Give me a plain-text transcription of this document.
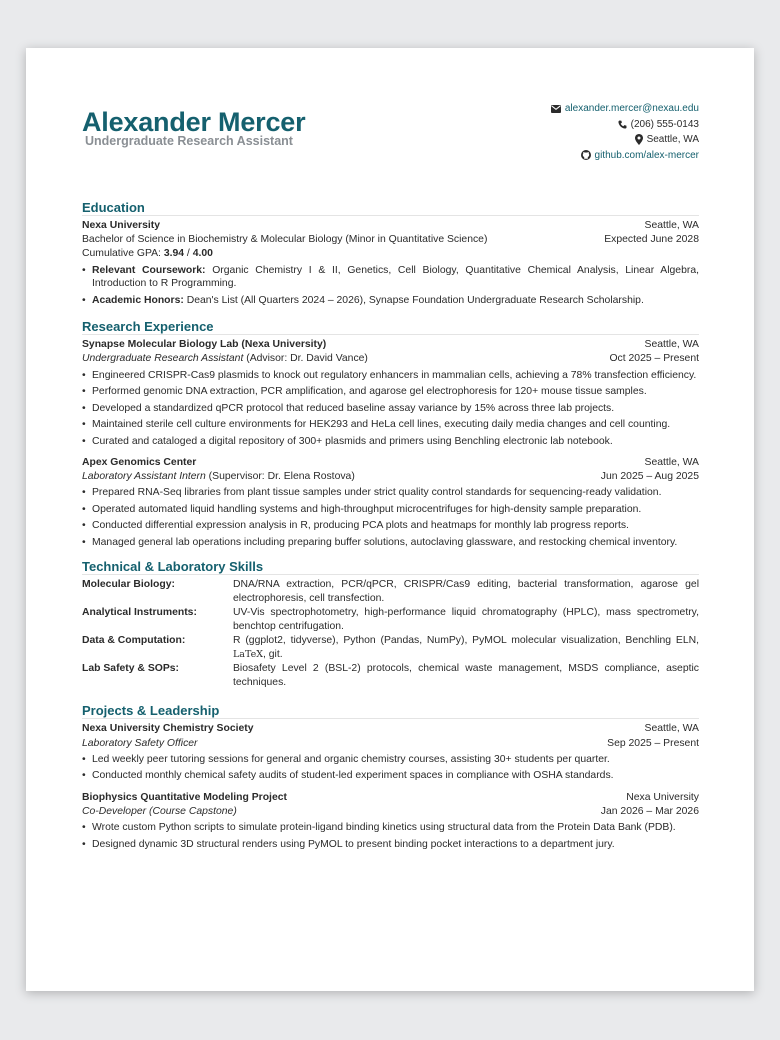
Alexander Mercer
Undergraduate Research Assistant
alexander.mercer@nexau.edu
(206) 555-0143
Seattle, WA
github.com/alex-mercer
Education
Nexa University	Seattle, WA
Bachelor of Science in Biochemistry & Molecular Biology (Minor in Quantitative Science)	Expected June 2028
Cumulative GPA: 3.94 / 4.00
• Relevant Coursework: Organic Chemistry I & II, Genetics, Cell Biology, Quantitative Chemical Analysis, Linear Algebra, Introduction to R Programming.
• Academic Honors: Dean's List (All Quarters 2024 – 2026), Synapse Foundation Undergraduate Research Scholarship.
Research Experience
Synapse Molecular Biology Lab (Nexa University)	Seattle, WA
Undergraduate Research Assistant (Advisor: Dr. David Vance)	Oct 2025 – Present
• Engineered CRISPR-Cas9 plasmids to knock out regulatory enhancers in mammalian cells, achieving a 78% transfection efficiency.
• Performed genomic DNA extraction, PCR amplification, and agarose gel electrophoresis for 120+ mouse tissue samples.
• Developed a standardized qPCR protocol that reduced baseline assay variance by 15% across three lab projects.
• Maintained sterile cell culture environments for HEK293 and HeLa cell lines, executing daily media changes and cell counting.
• Curated and cataloged a digital repository of 300+ plasmids and primers using Benchling electronic lab notebook.
Apex Genomics Center	Seattle, WA
Laboratory Assistant Intern (Supervisor: Dr. Elena Rostova)	Jun 2025 – Aug 2025
• Prepared RNA-Seq libraries from plant tissue samples under strict quality control standards for sequencing-ready validation.
• Operated automated liquid handling systems and high-throughput microcentrifuges for high-density sample preparation.
• Conducted differential expression analysis in R, producing PCA plots and heatmaps for monthly lab progress reports.
• Managed general lab operations including preparing buffer solutions, autoclaving glassware, and restocking chemical inventory.
Technical & Laboratory Skills
Molecular Biology:	DNA/RNA extraction, PCR/qPCR, CRISPR/Cas9 editing, bacterial transformation, agarose gel electrophoresis, cell transfection.
Analytical Instruments:	UV-Vis spectrophotometry, high-performance liquid chromatography (HPLC), mass spectrometry, benchtop centrifugation.
Data & Computation:	R (ggplot2, tidyverse), Python (Pandas, NumPy), PyMOL molecular visualization, Benchling ELN, LaTeX, git.
Lab Safety & SOPs:	Biosafety Level 2 (BSL-2) protocols, chemical waste management, MSDS compliance, aseptic techniques.
Projects & Leadership
Nexa University Chemistry Society	Seattle, WA
Laboratory Safety Officer	Sep 2025 – Present
• Led weekly peer tutoring sessions for general and organic chemistry courses, assisting 30+ students per quarter.
• Conducted monthly chemical safety audits of student-led experiment spaces in compliance with OSHA standards.
Biophysics Quantitative Modeling Project	Nexa University
Co-Developer (Course Capstone)	Jan 2026 – Mar 2026
• Wrote custom Python scripts to simulate protein-ligand binding kinetics using structural data from the Protein Data Bank (PDB).
• Designed dynamic 3D structural renders using PyMOL to present binding pocket interactions to a department jury.
